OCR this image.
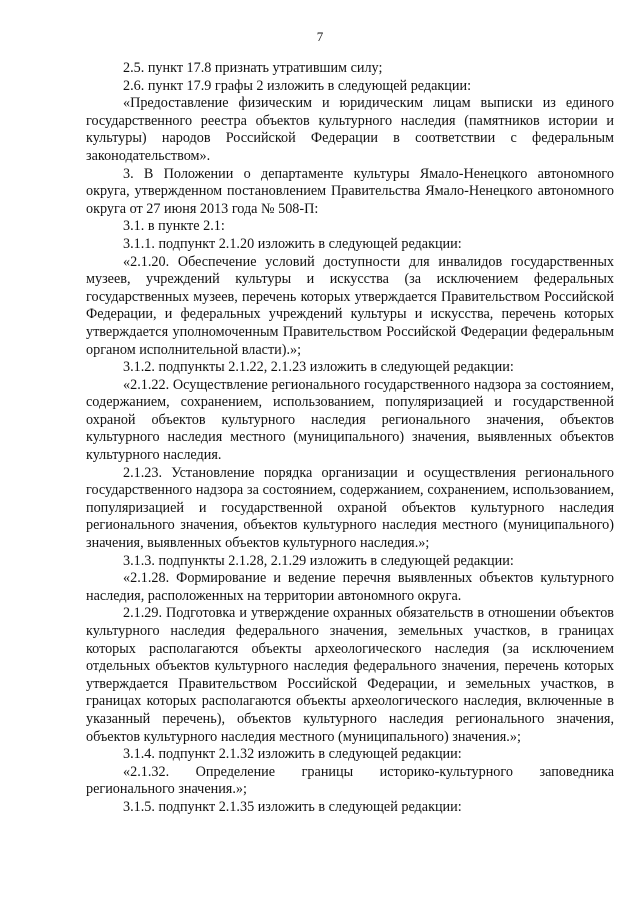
7

2.5. пункт 17.8 признать утратившим силу;

2.6. пункт 17.9 графы 2 изложить в следующей редакции:

«Предоставление физическим и юридическим лицам выписки из единого государственного реестра объектов культурного наследия (памятников истории и культуры) народов Российской Федерации в соответствии с федеральным законодательством».

3. В Положении о департаменте культуры Ямало-Ненецкого автономного округа, утвержденном постановлением Правительства Ямало-Ненецкого автономного округа от 27 июня 2013 года № 508-П:

3.1. в пункте 2.1:

3.1.1. подпункт 2.1.20 изложить в следующей редакции:

«2.1.20. Обеспечение условий доступности для инвалидов государственных музеев, учреждений культуры и искусства (за исключением федеральных государственных музеев, перечень которых утверждается Правительством Российской Федерации, и федеральных учреждений культуры и искусства, перечень которых утверждается уполномоченным Правительством Российской Федерации федеральным органом исполнительной власти).»;

3.1.2. подпункты 2.1.22, 2.1.23 изложить в следующей редакции:

«2.1.22. Осуществление регионального государственного надзора за состоянием, содержанием, сохранением, использованием, популяризацией и государственной охраной объектов культурного наследия регионального значения, объектов культурного наследия местного (муниципального) значения, выявленных объектов культурного наследия.

2.1.23. Установление порядка организации и осуществления регионального государственного надзора за состоянием, содержанием, сохранением, использованием, популяризацией и государственной охраной объектов культурного наследия регионального значения, объектов культурного наследия местного (муниципального) значения, выявленных объектов культурного наследия.»;

3.1.3. подпункты 2.1.28, 2.1.29 изложить в следующей редакции:

«2.1.28. Формирование и ведение перечня выявленных объектов культурного наследия, расположенных на территории автономного округа.

2.1.29. Подготовка и утверждение охранных обязательств в отношении объектов культурного наследия федерального значения, земельных участков, в границах которых располагаются объекты археологического наследия (за исключением отдельных объектов культурного наследия федерального значения, перечень которых утверждается Правительством Российской Федерации, и земельных участков, в границах которых располагаются объекты археологического наследия, включенные в указанный перечень), объектов культурного наследия регионального значения, объектов культурного наследия местного (муниципального) значения.»;

3.1.4. подпункт 2.1.32 изложить в следующей редакции:

«2.1.32. Определение границы историко-культурного заповедника регионального значения.»;

3.1.5. подпункт 2.1.35 изложить в следующей редакции:
